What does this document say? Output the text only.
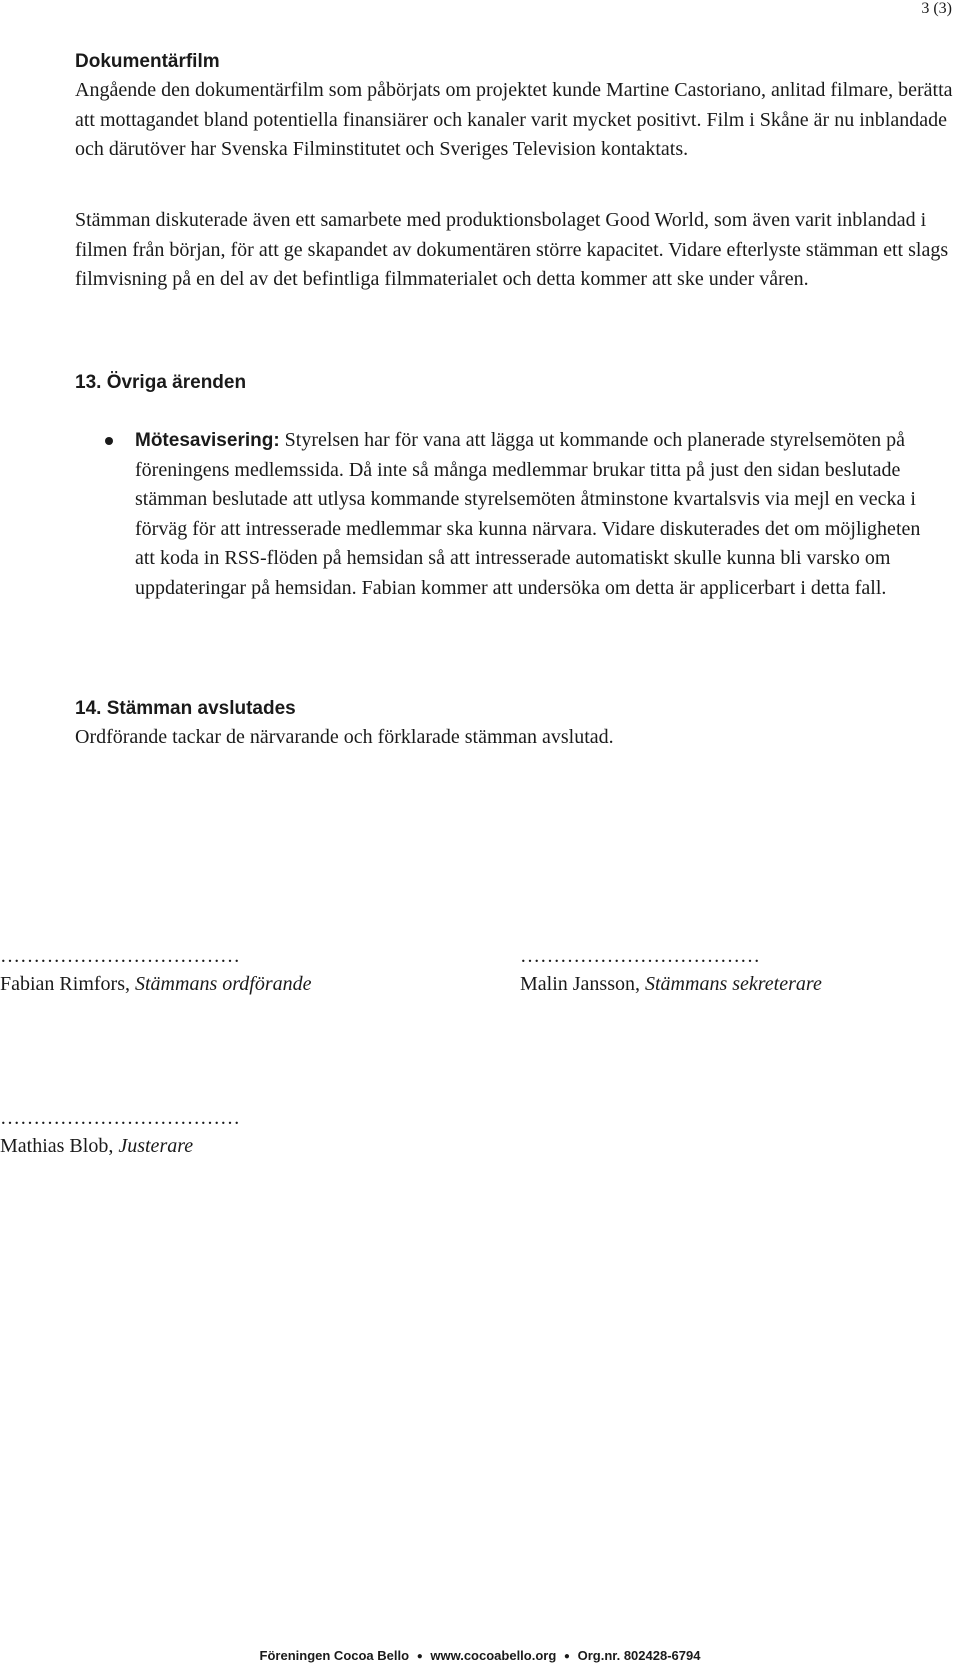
3 (3)
Dokumentärfilm

Angående den dokumentärfilm som påbörjats om projektet kunde Martine Castoriano, anlitad filmare, berätta att mottagandet bland potentiella finansiärer och kanaler varit mycket positivt. Film i Skåne är nu inblandade och därutöver har Svenska Filminstitutet och Sveriges Television kontaktats.

Stämman diskuterade även ett samarbete med produktionsbolaget Good World, som även varit inblandad i filmen från början, för att ge skapandet av dokumentären större kapacitet. Vidare efterlyste stämman ett slags filmvisning på en del av det befintliga filmmaterialet och detta kommer att ske under våren.

13. Övriga ärenden
Mötesavisering: Styrelsen har för vana att lägga ut kommande och planerade styrelsemöten på föreningens medlemssida. Då inte så många medlemmar brukar titta på just den sidan beslutade stämman beslutade att utlysa kommande styrelsemöten åtminstone kvartalsvis via mejl en vecka i förväg för att intresserade medlemmar ska kunna närvara. Vidare diskuterades det om möjligheten att koda in RSS-flöden på hemsidan så att intresserade automatiskt skulle kunna bli varsko om uppdateringar på hemsidan. Fabian kommer att undersöka om detta är applicerbart i detta fall.
14. Stämman avslutades

Ordförande tackar de närvarande och förklarade stämman avslutad.

………………………………
Fabian Rimfors, Stämmans ordförande
………………………………
Malin Jansson, Stämmans sekreterare
………………………………
Mathias Blob, Justerare
Föreningen Cocoa Bello ● www.cocoabello.org ● Org.nr. 802428-6794
